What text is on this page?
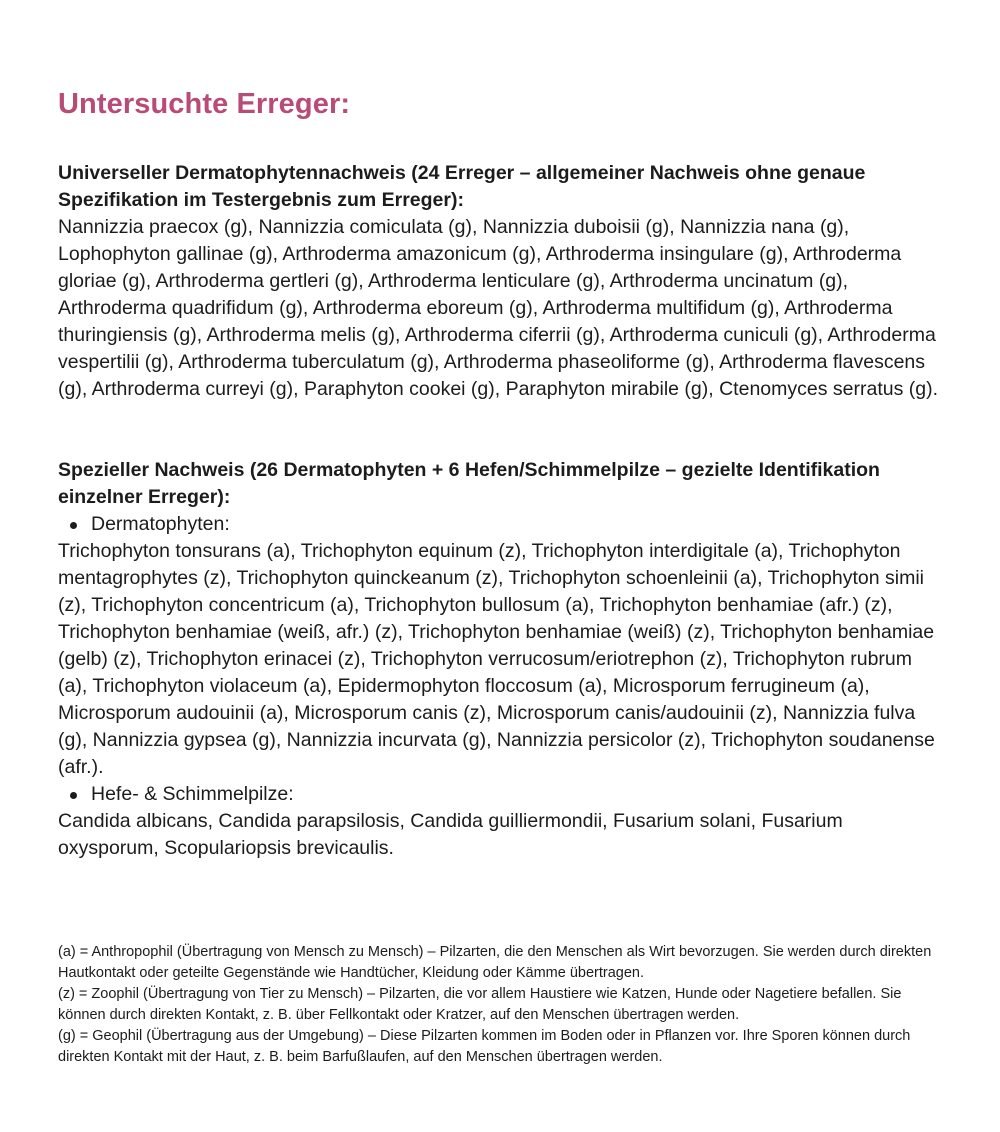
Untersuchte Erreger:

Universeller Dermatophytennachweis (24 Erreger – allgemeiner Nachweis ohne genaue Spezifikation im Testergebnis zum Erreger):

Nannizzia praecox (g), Nannizzia comiculata (g), Nannizzia duboisii (g), Nannizzia nana (g), Lophophyton gallinae (g), Arthroderma amazonicum (g), Arthroderma insingulare (g), Arthroderma gloriae (g), Arthroderma gertleri (g), Arthroderma lenticulare (g), Arthroderma uncinatum (g), Arthroderma quadrifidum (g), Arthroderma eboreum (g), Arthroderma multifidum (g), Arthroderma thuringiensis (g), Arthroderma melis (g), Arthroderma ciferrii (g), Arthroderma cuniculi (g), Arthroderma vespertilii (g), Arthroderma tuberculatum (g), Arthroderma phaseoliforme (g), Arthroderma flavescens (g), Arthroderma curreyi (g), Paraphyton cookei (g), Paraphyton mirabile (g), Ctenomyces serratus (g).

Spezieller Nachweis (26 Dermatophyten + 6 Hefen/Schimmelpilze – gezielte Identifikation einzelner Erreger):

Dermatophyten:

Trichophyton tonsurans (a), Trichophyton equinum (z), Trichophyton interdigitale (a), Trichophyton mentagrophytes (z), Trichophyton quinckeanum (z), Trichophyton schoenleinii (a), Trichophyton simii (z), Trichophyton concentricum (a), Trichophyton bullosum (a), Trichophyton benhamiae (afr.) (z), Trichophyton benhamiae (weiß, afr.) (z), Trichophyton benhamiae (weiß) (z), Trichophyton benhamiae (gelb) (z), Trichophyton erinacei (z), Trichophyton verrucosum/eriotrephon (z), Trichophyton rubrum (a), Trichophyton violaceum (a), Epidermophyton floccosum (a), Microsporum ferrugineum (a), Microsporum audouinii (a), Microsporum canis (z), Microsporum canis/audouinii (z), Nannizzia fulva (g), Nannizzia gypsea (g), Nannizzia incurvata (g), Nannizzia persicolor (z), Trichophyton soudanense (afr.).

Hefe- & Schimmelpilze:

Candida albicans, Candida parapsilosis, Candida guilliermondii, Fusarium solani, Fusarium oxysporum, Scopulariopsis brevicaulis.

(a) = Anthropophil (Übertragung von Mensch zu Mensch) – Pilzarten, die den Menschen als Wirt bevorzugen. Sie werden durch direkten Hautkontakt oder geteilte Gegenstände wie Handtücher, Kleidung oder Kämme übertragen.

(z) = Zoophil (Übertragung von Tier zu Mensch) – Pilzarten, die vor allem Haustiere wie Katzen, Hunde oder Nagetiere befallen. Sie können durch direkten Kontakt, z. B. über Fellkontakt oder Kratzer, auf den Menschen übertragen werden.

(g) = Geophil (Übertragung aus der Umgebung) – Diese Pilzarten kommen im Boden oder in Pflanzen vor. Ihre Sporen können durch direkten Kontakt mit der Haut, z. B. beim Barfußlaufen, auf den Menschen übertragen werden.
